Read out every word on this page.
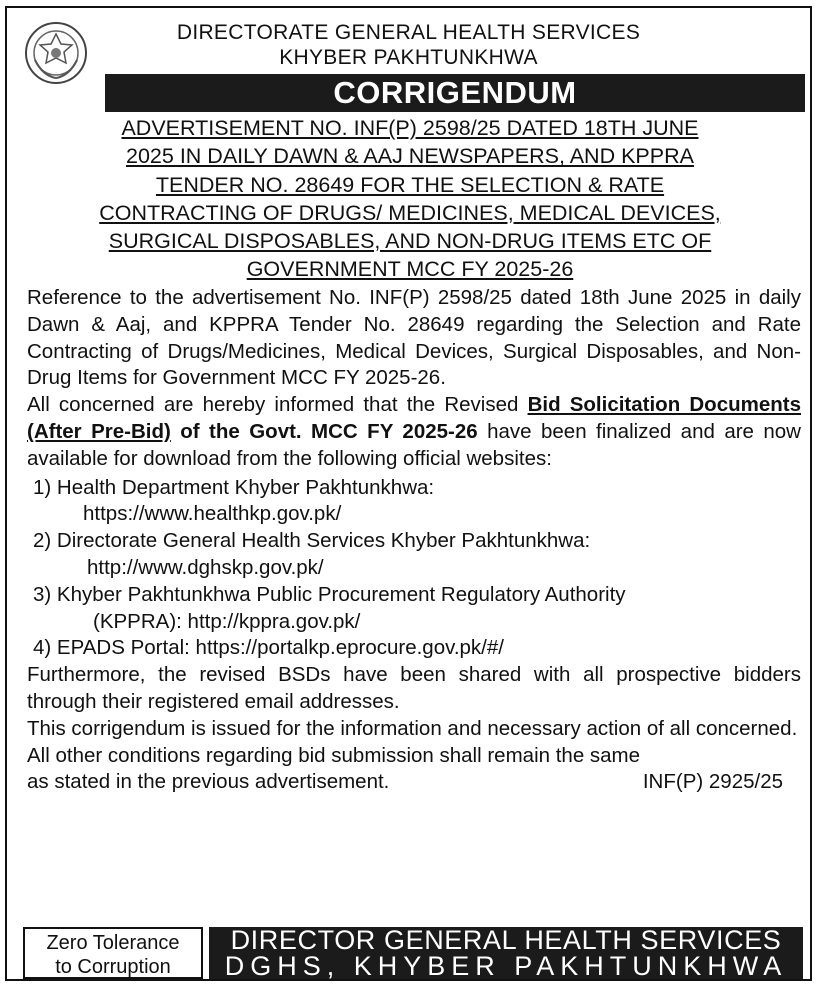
DIRECTORATE GENERAL HEALTH SERVICES
KHYBER PAKHTUNKHWA
CORRIGENDUM
ADVERTISEMENT NO. INF(P) 2598/25 DATED 18TH JUNE
2025 IN DAILY DAWN & AAJ NEWSPAPERS, AND KPPRA
TENDER NO. 28649 FOR THE SELECTION & RATE
CONTRACTING OF DRUGS/ MEDICINES, MEDICAL DEVICES,
SURGICAL DISPOSABLES, AND NON-DRUG ITEMS ETC OF
GOVERNMENT MCC FY 2025-26

Reference to the advertisement No. INF(P) 2598/25 dated 18th June 2025 in daily Dawn & Aaj, and KPPRA Tender No. 28649 regarding the Selection and Rate Contracting of Drugs/Medicines, Medical Devices, Surgical Disposables, and Non-Drug Items for Government MCC FY 2025-26.

All concerned are hereby informed that the Revised Bid Solicitation Documents (After Pre-Bid) of the Govt. MCC FY 2025-26 have been finalized and are now available for download from the following official websites:

1) Health Department Khyber Pakhtunkhwa:
https://www.healthkp.gov.pk/
2) Directorate General Health Services Khyber Pakhtunkhwa:
http://www.dghskp.gov.pk/
3) Khyber Pakhtunkhwa Public Procurement Regulatory Authority
(KPPRA): http://kppra.gov.pk/
4) EPADS Portal: https://portalkp.eprocure.gov.pk/#/

Furthermore, the revised BSDs have been shared with all prospective bidders through their registered email addresses.

This corrigendum is issued for the information and necessary action of all concerned.

All other conditions regarding bid submission shall remain the same

as stated in the previous advertisement.	INF(P) 2925/25
Zero Tolerance
to Corruption
DIRECTOR GENERAL HEALTH SERVICES
DGHS, KHYBER PAKHTUNKHWA
